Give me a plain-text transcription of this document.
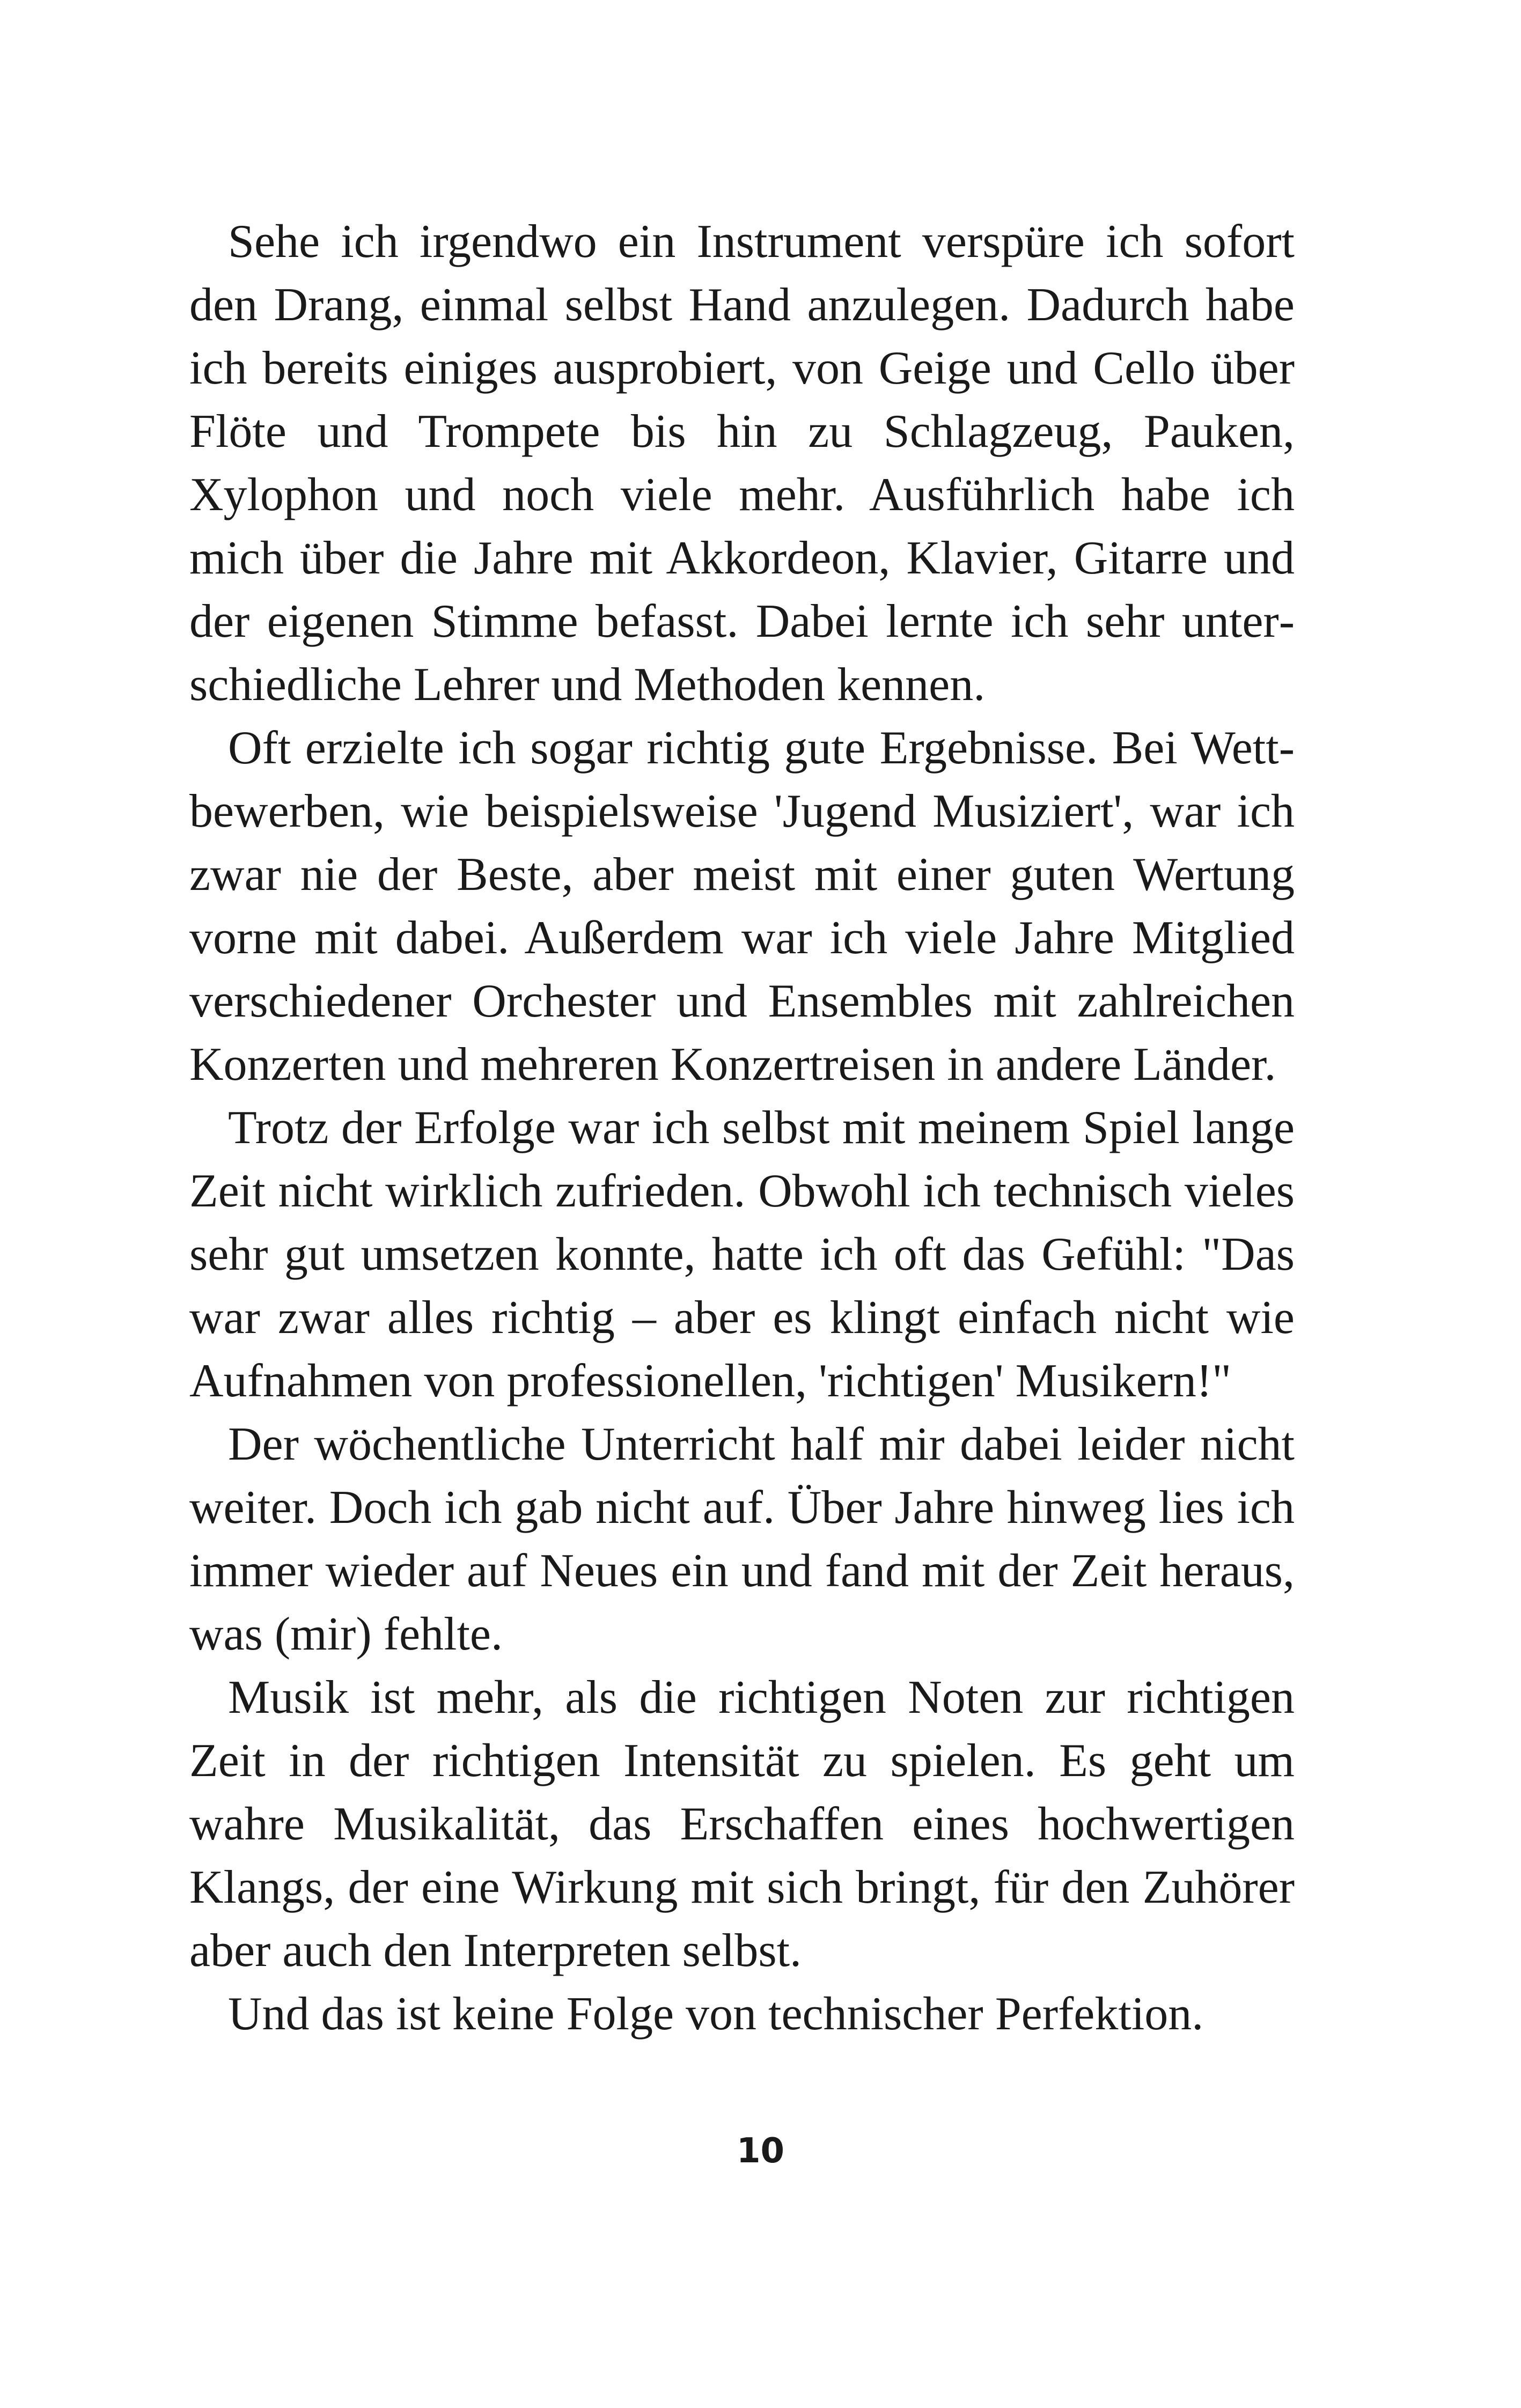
Sehe ich irgendwo ein Instrument verspüre ich sofort den Drang, einmal selbst Hand anzulegen. Dadurch habe ich bereits einiges ausprobiert, von Geige und Cello über Flöte und Trompete bis hin zu Schlagzeug, Pauken, Xylophon und noch viele mehr. Ausführlich habe ich mich über die Jahre mit Akkordeon, Klavier, Gitarre und der eigenen Stimme befasst. Dabei lernte ich sehr unterschiedliche Lehrer und Methoden kennen.

Oft erzielte ich sogar richtig gute Ergebnisse. Bei Wettbewerben, wie beispielsweise 'Jugend Musiziert', war ich zwar nie der Beste, aber meist mit einer guten Wertung vorne mit dabei. Außerdem war ich viele Jahre Mitglied verschiedener Orchester und Ensembles mit zahlreichen Konzerten und mehreren Konzertreisen in andere Länder.

Trotz der Erfolge war ich selbst mit meinem Spiel lange Zeit nicht wirklich zufrieden. Obwohl ich technisch vieles sehr gut umsetzen konnte, hatte ich oft das Gefühl: "Das war zwar alles richtig – aber es klingt einfach nicht wie Aufnahmen von professionellen, 'richtigen' Musikern!"

Der wöchentliche Unterricht half mir dabei leider nicht weiter. Doch ich gab nicht auf. Über Jahre hinweg lies ich immer wieder auf Neues ein und fand mit der Zeit heraus, was (mir) fehlte.

Musik ist mehr, als die richtigen Noten zur richtigen Zeit in der richtigen Intensität zu spielen. Es geht um wahre Musikalität, das Erschaffen eines hochwertigen Klangs, der eine Wirkung mit sich bringt, für den Zuhörer aber auch den Interpreten selbst.

Und das ist keine Folge von technischer Perfektion.

10
